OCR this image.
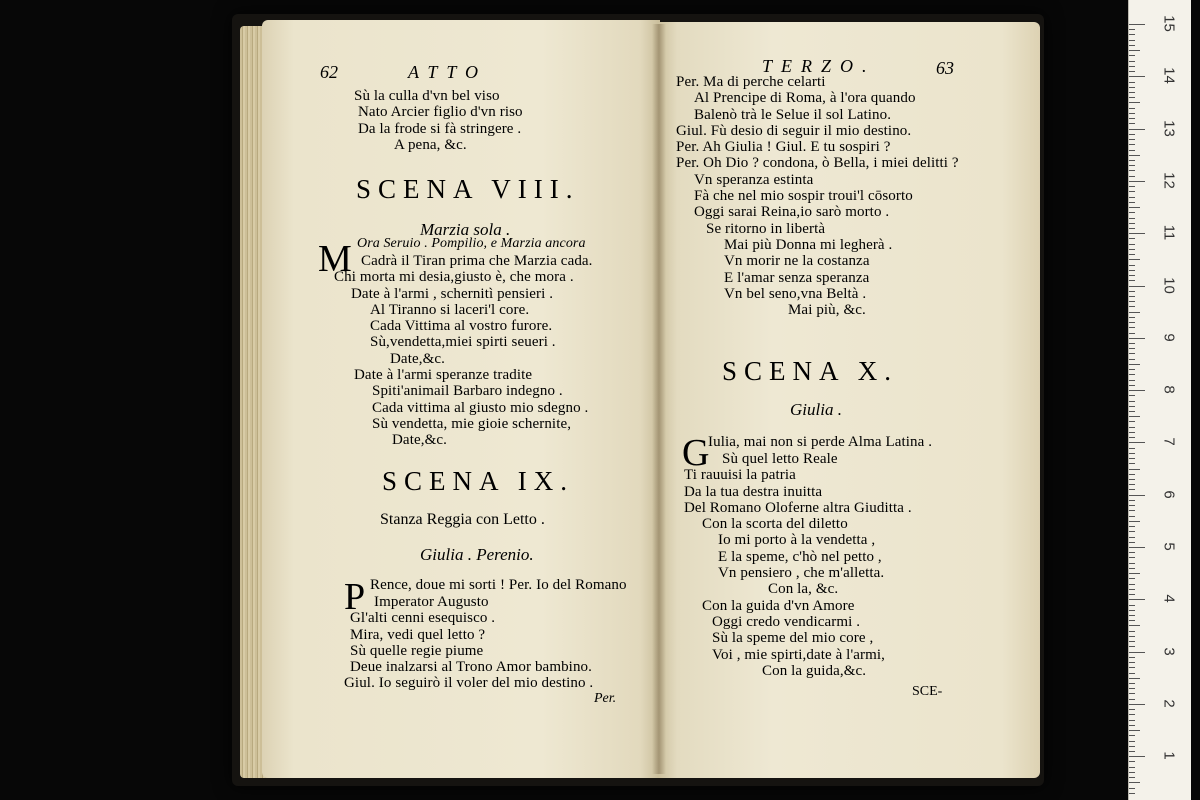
62	ATTO
Sù la culla d'vn bel viso
Nato Arcier figlio d'vn riso
Da la frode si fà stringere .
A pena, &c.
SCENA VIII.
Marzia sola .
M Ora Seruio . Pompilio, e Marzia ancora
Cadrà il Tiran prima che Marzia cada.
Chi morta mi desia,giusto è, che mora .
Date à l'armi , schernitì pensieri .
Al Tiranno si laceri'l core.
Cada Vittima al vostro furore.
Sù,vendetta,miei spirti seueri .
Date,&c.
Date à l'armi speranze tradite
Spiti'animail Barbaro indegno .
Cada vittima al giusto mio sdegno .
Sù vendetta, mie gioie schernite,
Date,&c.
SCENA IX.
Stanza Reggia con Letto .
Giulia . Perenio.
P Rence, doue mi sorti ! Per. Io del Romano
Imperator Augusto
Gl'alti cenni esequisco .
Mira, vedi quel letto ?
Sù quelle regie piume
Deue inalzarsi al Trono Amor bambino.
Giul. Io seguirò il voler del mio destino .
Per.
TERZO.	63
Per. Ma di perche celarti
Al Prencipe di Roma, à l'ora quando
Balenò trà le Selue il sol Latino.
Giul. Fù desio di seguir il mio destino.
Per. Ah Giulia ! Giul. E tu sospiri ?
Per. Oh Dio ? condona, ò Bella, i miei delitti ?
Vn speranza estinta
Fà che nel mio sospir troui'l cōsorto
Oggi sarai Reina,io sarò morto .
Se ritorno in libertà
Mai più Donna mi legherà .
Vn morir ne la costanza
E l'amar senza speranza
Vn bel seno,vna Beltà .
Mai più, &c.
SCENA X.
Giulia .
G
Iulia, mai non si perde Alma Latina .
Sù quel letto Reale
Ti rauuisi la patria
Da la tua destra inuitta
Del Romano Oloferne altra Giuditta .
Con la scorta del diletto
Io mi porto à la vendetta ,
E la speme, c'hò nel petto ,
Vn pensiero , che m'alletta.
Con la, &c.
Con la guida d'vn Amore
Oggi credo vendicarmi .
Sù la speme del mio core ,
Voi , mie spirti,date à l'armi,
Con la guida,&c.
SCE-
15
14
13
12
11
10
9
8
7
6
5
4
3
2
1
